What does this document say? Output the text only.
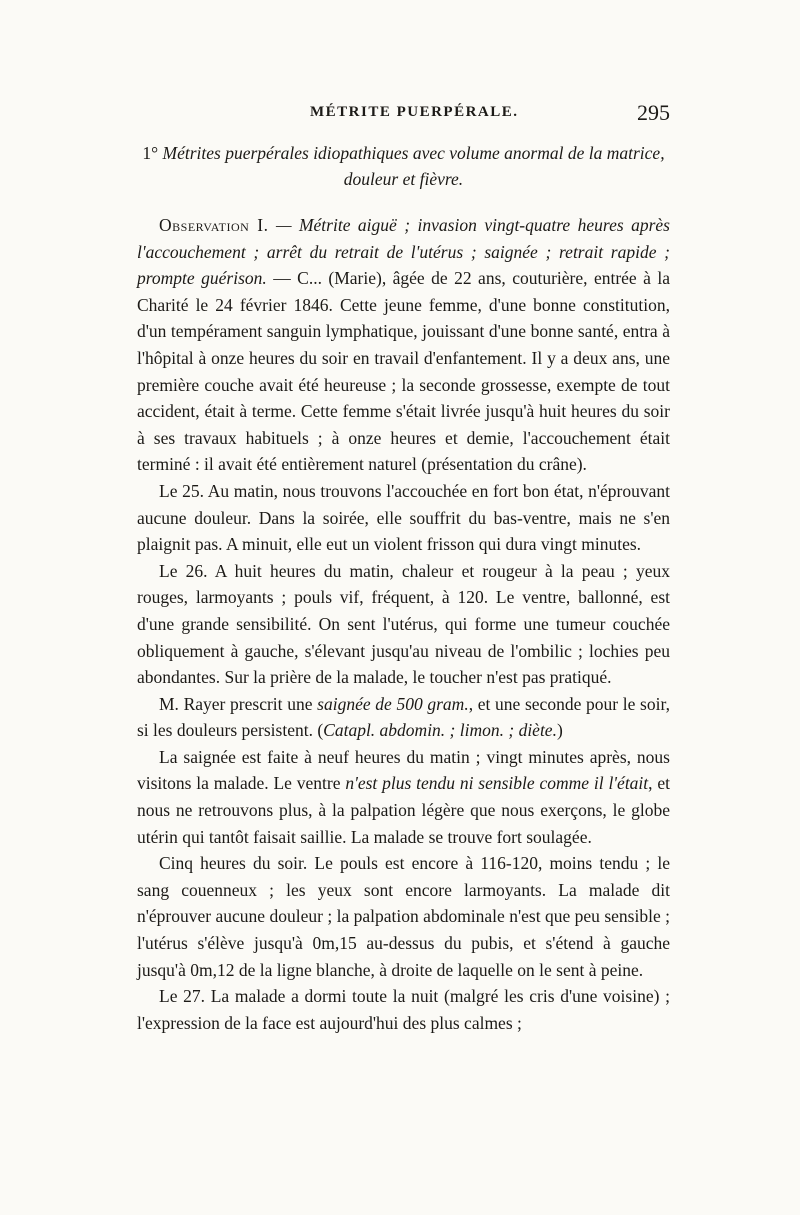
MÉTRITE PUERPÉRALE.	295

1° Métrites puerpérales idiopathiques avec volume anormal de la matrice, douleur et fièvre.

Observation I. — Métrite aiguë ; invasion vingt-quatre heures après l'accouchement ; arrêt du retrait de l'utérus ; saignée ; retrait rapide ; prompte guérison. — C... (Marie), âgée de 22 ans, couturière, entrée à la Charité le 24 février 1846. Cette jeune femme, d'une bonne constitution, d'un tempérament sanguin lymphatique, jouissant d'une bonne santé, entra à l'hôpital à onze heures du soir en travail d'enfantement. Il y a deux ans, une première couche avait été heureuse ; la seconde grossesse, exempte de tout accident, était à terme. Cette femme s'était livrée jusqu'à huit heures du soir à ses travaux habituels ; à onze heures et demie, l'accouchement était terminé : il avait été entièrement naturel (présentation du crâne).

Le 25. Au matin, nous trouvons l'accouchée en fort bon état, n'éprouvant aucune douleur. Dans la soirée, elle souffrit du bas-ventre, mais ne s'en plaignit pas. A minuit, elle eut un violent frisson qui dura vingt minutes.

Le 26. A huit heures du matin, chaleur et rougeur à la peau ; yeux rouges, larmoyants ; pouls vif, fréquent, à 120. Le ventre, ballonné, est d'une grande sensibilité. On sent l'utérus, qui forme une tumeur couchée obliquement à gauche, s'élevant jusqu'au niveau de l'ombilic ; lochies peu abondantes. Sur la prière de la malade, le toucher n'est pas pratiqué.

M. Rayer prescrit une saignée de 500 gram., et une seconde pour le soir, si les douleurs persistent. (Catapl. abdomin. ; limon. ; diète.)

La saignée est faite à neuf heures du matin ; vingt minutes après, nous visitons la malade. Le ventre n'est plus tendu ni sensible comme il l'était, et nous ne retrouvons plus, à la palpation légère que nous exerçons, le globe utérin qui tantôt faisait saillie. La malade se trouve fort soulagée.

Cinq heures du soir. Le pouls est encore à 116-120, moins tendu ; le sang couenneux ; les yeux sont encore larmoyants. La malade dit n'éprouver aucune douleur ; la palpation abdominale n'est que peu sensible ; l'utérus s'élève jusqu'à 0m,15 au-dessus du pubis, et s'étend à gauche jusqu'à 0m,12 de la ligne blanche, à droite de laquelle on le sent à peine.

Le 27. La malade a dormi toute la nuit (malgré les cris d'une voisine) ; l'expression de la face est aujourd'hui des plus calmes ;
